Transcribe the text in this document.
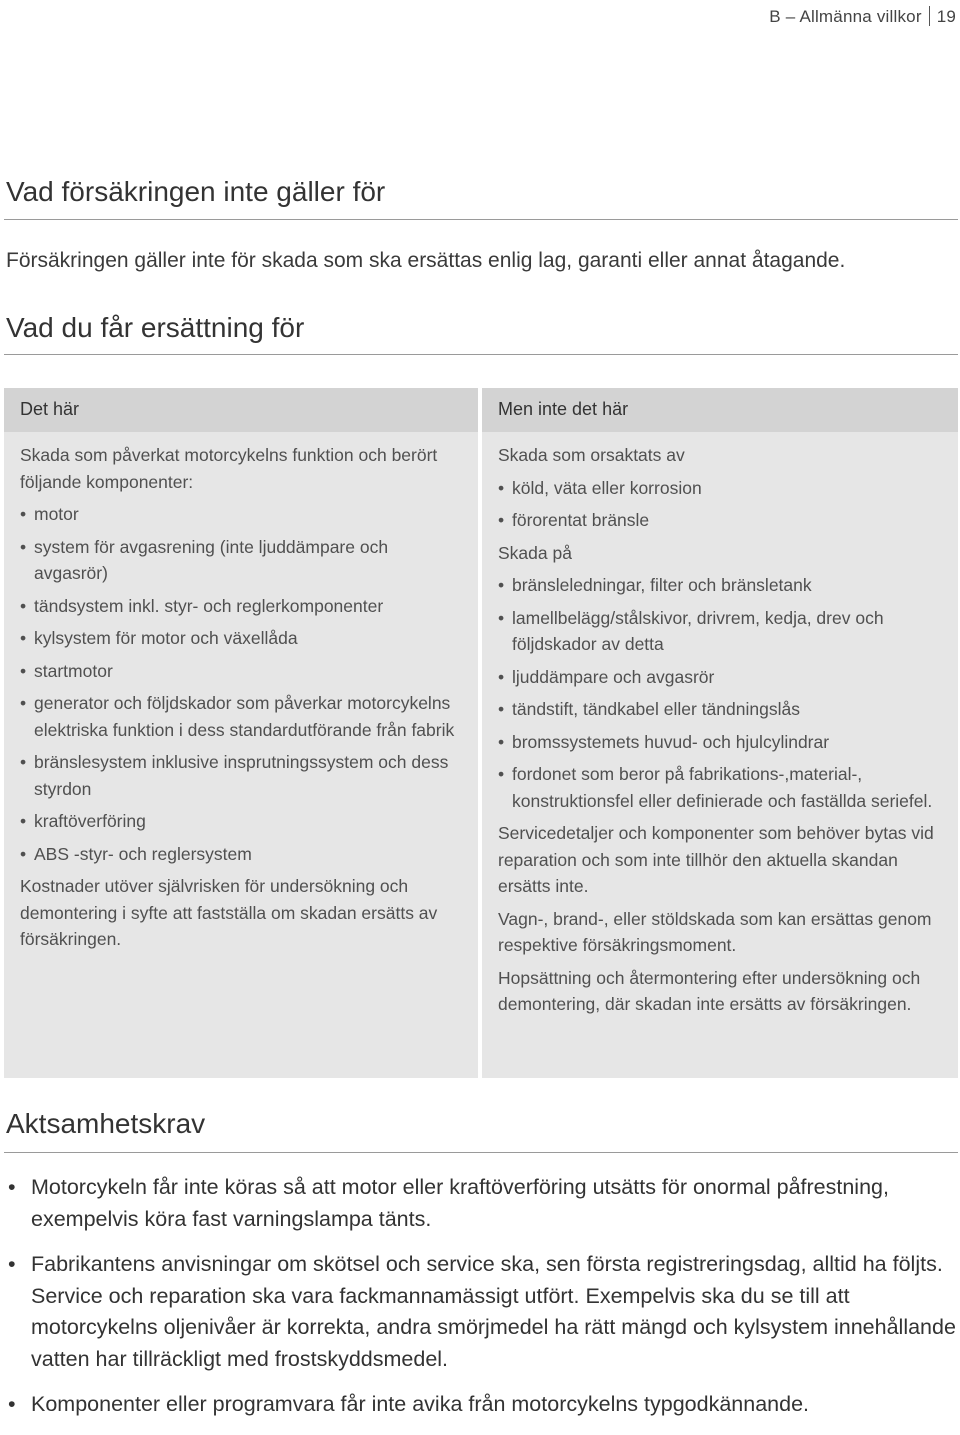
B – Allmänna villkor 19
Vad försäkringen inte gäller för

Försäkringen gäller inte för skada som ska ersättas enlig lag, garanti eller annat åtagande.

Vad du får ersättning för
Det här

Skada som påverkat motorcykelns funktion och berört följande komponenter:

• motor
• system för avgasrening (inte ljuddämpare och avgasrör)
• tändsystem inkl. styr- och reglerkomponenter
• kylsystem för motor och växellåda
• startmotor
• generator och följdskador som påverkar motorcykelns elektriska funktion i dess standardutförande från fabrik
• bränslesystem inklusive insprutningssystem och dess styrdon
• kraftöverföring
• ABS -styr- och reglersystem

Kostnader utöver självrisken för undersökning och demontering i syfte att fastställa om skadan ersätts av försäkringen.

Men inte det här

Skada som orsaktats av

• köld, väta eller korrosion
• förorentat bränsle

Skada på

• bränsleledningar, filter och bränsletank
• lamellbelägg/stålskivor, drivrem, kedja, drev och följdskador av detta
• ljuddämpare och avgasrör
• tändstift, tändkabel eller tändningslås
• bromssystemets huvud- och hjulcylindrar
• fordonet som beror på fabrikations-,material-, konstruktionsfel eller definierade och faställda seriefel.

Servicedetaljer och komponenter som behöver bytas vid reparation och som inte tillhör den aktuella skandan ersätts inte.

Vagn-, brand-, eller stöldskada som kan ersättas genom respektive försäkringsmoment.

Hopsättning och återmontering efter undersökning och demontering, där skadan inte ersätts av försäkringen.

Aktsamhetskrav
• Motorcykeln får inte köras så att motor eller kraftöverföring utsätts för onormal påfrestning, exempelvis köra fast varningslampa tänts.
• Fabrikantens anvisningar om skötsel och service ska, sen första registreringsdag, alltid ha följts. Service och reparation ska vara fackmannamässigt utfört. Exempelvis ska du se till att motorcykelns oljenivåer är korrekta, andra smörjmedel ha rätt mängd och kylsystem innehållande vatten har tillräckligt med frostskyddsmedel.
• Komponenter eller programvara får inte avika från motorcykelns typgodkännande.
